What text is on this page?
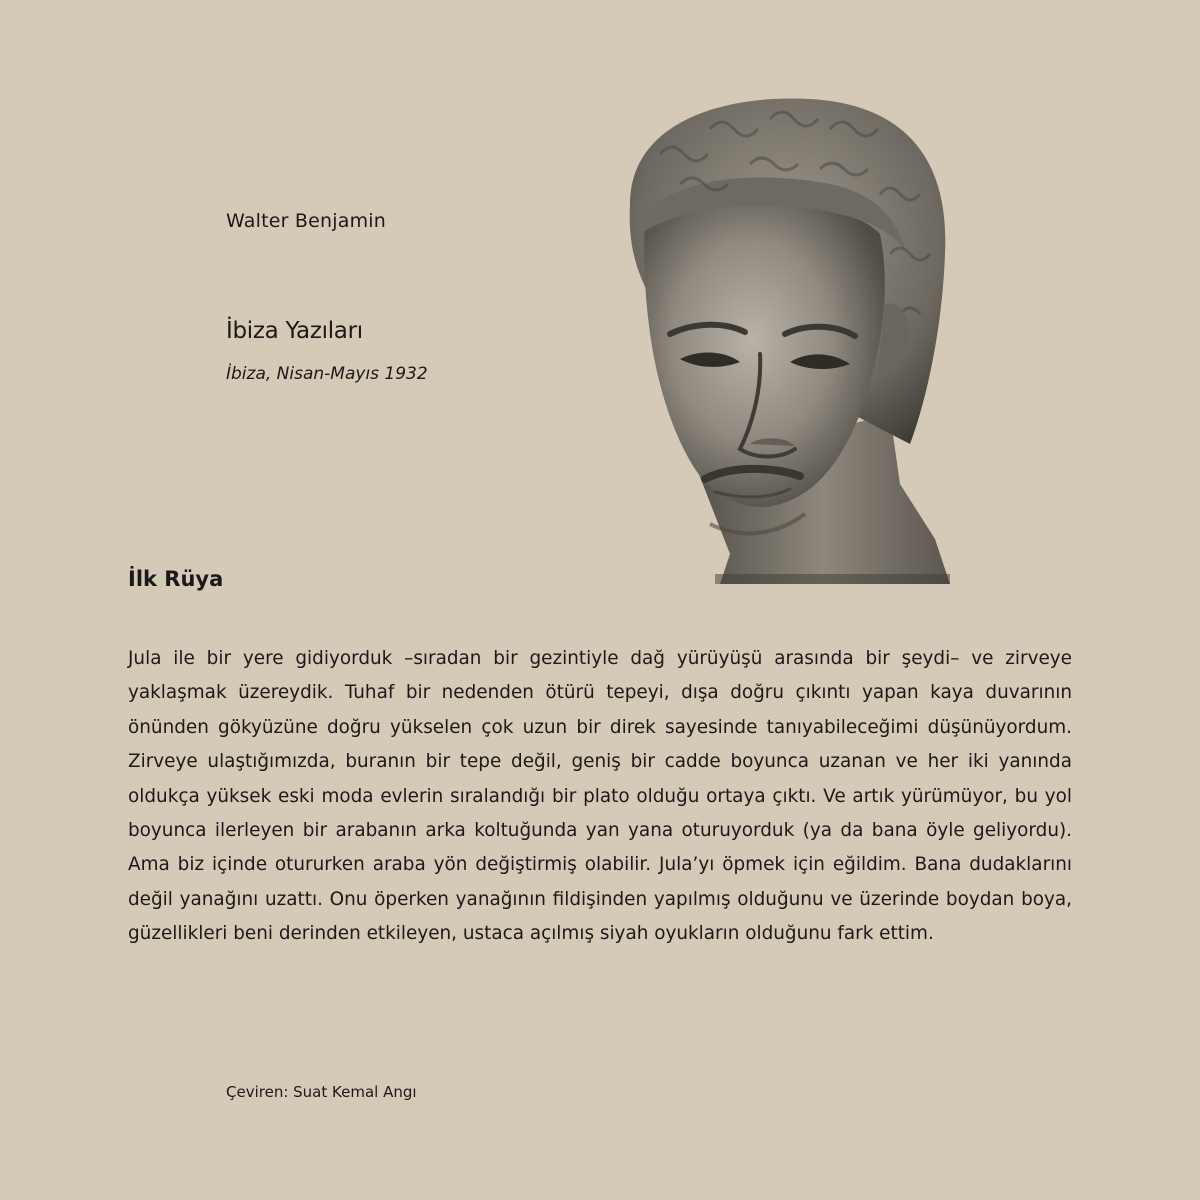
Walter Benjamin

İbiza Yazıları

İbiza, Nisan-Mayıs 1932

İlk Rüya

Jula ile bir yere gidiyorduk –sıradan bir gezintiyle dağ yürüyüşü arasında bir şeydi– ve zirveye yaklaşmak üzereydik. Tuhaf bir nedenden ötürü tepeyi, dışa doğru çıkıntı yapan kaya duvarının önünden gökyüzüne doğru yükselen çok uzun bir direk sayesinde tanıyabileceğimi düşünüyordum. Zirveye ulaştığımızda, buranın bir tepe değil, geniş bir cadde boyunca uzanan ve her iki yanında oldukça yüksek eski moda evlerin sıralandığı bir plato olduğu ortaya çıktı. Ve artık yürümüyor, bu yol boyunca ilerleyen bir arabanın arka koltuğunda yan yana oturuyorduk (ya da bana öyle geliyordu). Ama biz içinde otururken araba yön değiştirmiş olabilir. Jula’yı öpmek için eğildim. Bana dudaklarını değil yanağını uzattı. Onu öperken yanağının fildişinden yapılmış olduğunu ve üzerinde boydan boya, güzellikleri beni derinden etkileyen, ustaca açılmış siyah oyukların olduğunu fark ettim.

Çeviren: Suat Kemal Angı
